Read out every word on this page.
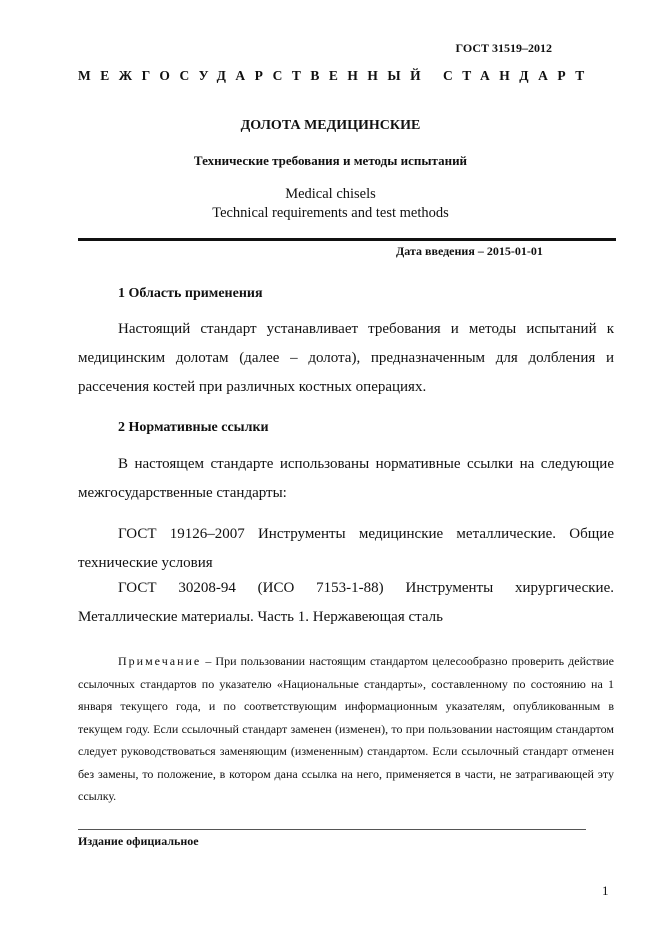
ГОСТ 31519–2012
МЕЖГОСУДАРСТВЕННЫЙ СТАНДАРТ
ДОЛОТА МЕДИЦИНСКИЕ
Технические требования и методы испытаний
Medical chisels
Technical requirements and test methods
Дата введения – 2015-01-01
1 Область применения
Настоящий стандарт устанавливает требования и методы испытаний к медицинским долотам (далее – долота), предназначенным для долбления и рассечения костей при различных костных операциях.
2 Нормативные ссылки
В настоящем стандарте использованы нормативные ссылки на следующие межгосударственные стандарты:
ГОСТ 19126–2007 Инструменты медицинские металлические. Общие технические условия
ГОСТ 30208-94 (ИСО 7153-1-88) Инструменты хирургические. Металлические материалы. Часть 1. Нержавеющая сталь
Примечание – При пользовании настоящим стандартом целесообразно проверить действие ссылочных стандартов по указателю «Национальные стандарты», составленному по состоянию на 1 января текущего года, и по соответствующим информационным указателям, опубликованным в текущем году. Если ссылочный стандарт заменен (изменен), то при пользовании настоящим стандартом следует руководствоваться заменяющим (измененным) стандартом. Если ссылочный стандарт отменен без замены, то положение, в котором дана ссылка на него, применяется в части, не затрагивающей эту ссылку.
Издание официальное
1
